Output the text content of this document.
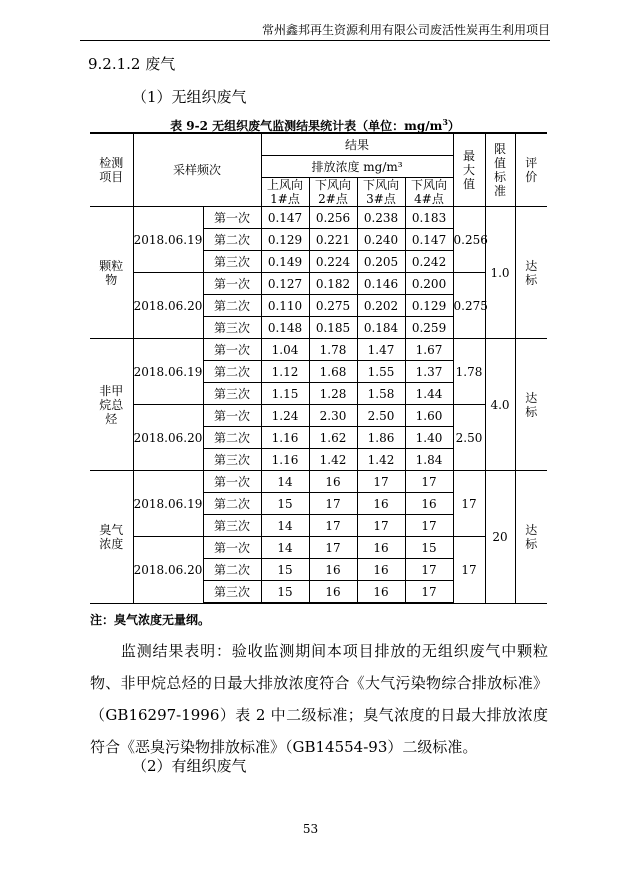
常州鑫邦再生资源利用有限公司废活性炭再生利用项目
9.2.1.2 废气
（1）无组织废气
表 9-2 无组织废气监测结果统计表（单位：$mg/m^3$）
检测项目	采样频次		结果				最大值	限值标准	评价
			排放浓度 mg/m³						
			上风向1#点	下风向2#点	下风向3#点	下风向4#点			
颗粒物	2018.06.19	第一次	0.147	0.256	0.238	0.183	0.256	1.0	达标
		第二次	0.129	0.221	0.240	0.147			
		第三次	0.149	0.224	0.205	0.242			
	2018.06.20	第一次	0.127	0.182	0.146	0.200	0.275		
		第二次	0.110	0.275	0.202	0.129			
		第三次	0.148	0.185	0.184	0.259			
非甲烷总烃	2018.06.19	第一次	1.04	1.78	1.47	1.67	1.78	4.0	达标
		第二次	1.12	1.68	1.55	1.37			
		第三次	1.15	1.28	1.58	1.44			
	2018.06.20	第一次	1.24	2.30	2.50	1.60	2.50		
		第二次	1.16	1.62	1.86	1.40			
		第三次	1.16	1.42	1.42	1.84			
臭气浓度	2018.06.19	第一次	14	16	17	17	17	20	达标
		第二次	15	17	16	16			
		第三次	14	17	17	17			
	2018.06.20	第一次	14	17	16	15	17		
		第二次	15	16	16	17			
		第三次	15	16	16	17			
注：臭气浓度无量纲。
监测结果表明：验收监测期间本项目排放的无组织废气中颗粒物、非甲烷总烃的日最大排放浓度符合《大气污染物综合排放标准》（GB16297-1996）表 2 中二级标准；臭气浓度的日最大排放浓度符合《恶臭污染物排放标准》（GB14554-93）二级标准。
（2）有组织废气
53
